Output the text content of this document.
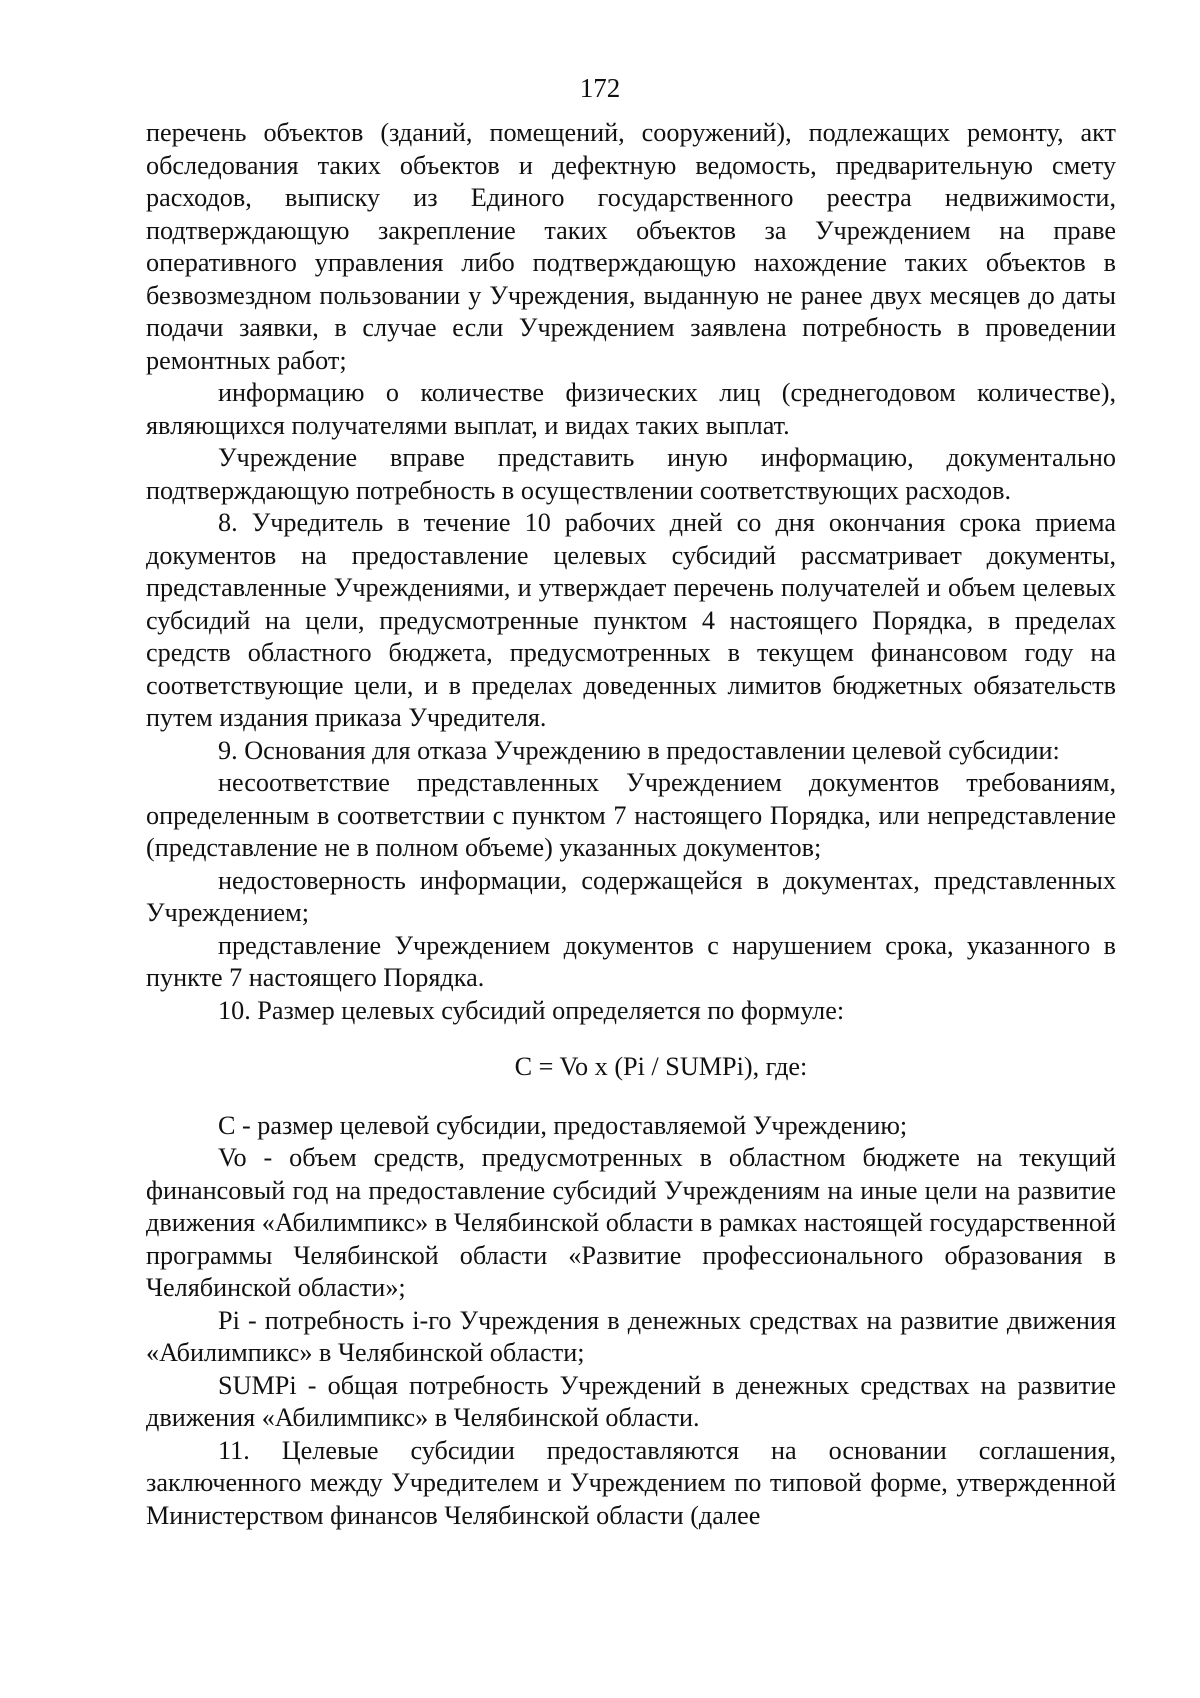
172

перечень объектов (зданий, помещений, сооружений), подлежащих ремонту, акт обследования таких объектов и дефектную ведомость, предварительную смету расходов, выписку из Единого государственного реестра недвижимости, подтверждающую закрепление таких объектов за Учреждением на праве оперативного управления либо подтверждающую нахождение таких объектов в безвозмездном пользовании у Учреждения, выданную не ранее двух месяцев до даты подачи заявки, в случае если Учреждением заявлена потребность в проведении ремонтных работ;

информацию о количестве физических лиц (среднегодовом количестве), являющихся получателями выплат, и видах таких выплат.

Учреждение вправе представить иную информацию, документально подтверждающую потребность в осуществлении соответствующих расходов.

8. Учредитель в течение 10 рабочих дней со дня окончания срока приема документов на предоставление целевых субсидий рассматривает документы, представленные Учреждениями, и утверждает перечень получателей и объем целевых субсидий на цели, предусмотренные пунктом 4 настоящего Порядка, в пределах средств областного бюджета, предусмотренных в текущем финансовом году на соответствующие цели, и в пределах доведенных лимитов бюджетных обязательств путем издания приказа Учредителя.

9. Основания для отказа Учреждению в предоставлении целевой субсидии:

несоответствие представленных Учреждением документов требованиям, определенным в соответствии с пунктом 7 настоящего Порядка, или непредставление (представление не в полном объеме) указанных документов;

недостоверность информации, содержащейся в документах, представленных Учреждением;

представление Учреждением документов с нарушением срока, указанного в пункте 7 настоящего Порядка.

10. Размер целевых субсидий определяется по формуле:

C = Vo x (Pi / SUMPi), где:

C - размер целевой субсидии, предоставляемой Учреждению;

Vo - объем средств, предусмотренных в областном бюджете на текущий финансовый год на предоставление субсидий Учреждениям на иные цели на развитие движения «Абилимпикс» в Челябинской области в рамках настоящей государственной программы Челябинской области «Развитие профессионального образования в Челябинской области»;

Pi - потребность i-го Учреждения в денежных средствах на развитие движения «Абилимпикс» в Челябинской области;

SUMPi - общая потребность Учреждений в денежных средствах на развитие движения «Абилимпикс» в Челябинской области.

11. Целевые субсидии предоставляются на основании соглашения, заключенного между Учредителем и Учреждением по типовой форме, утвержденной Министерством финансов Челябинской области (далее
